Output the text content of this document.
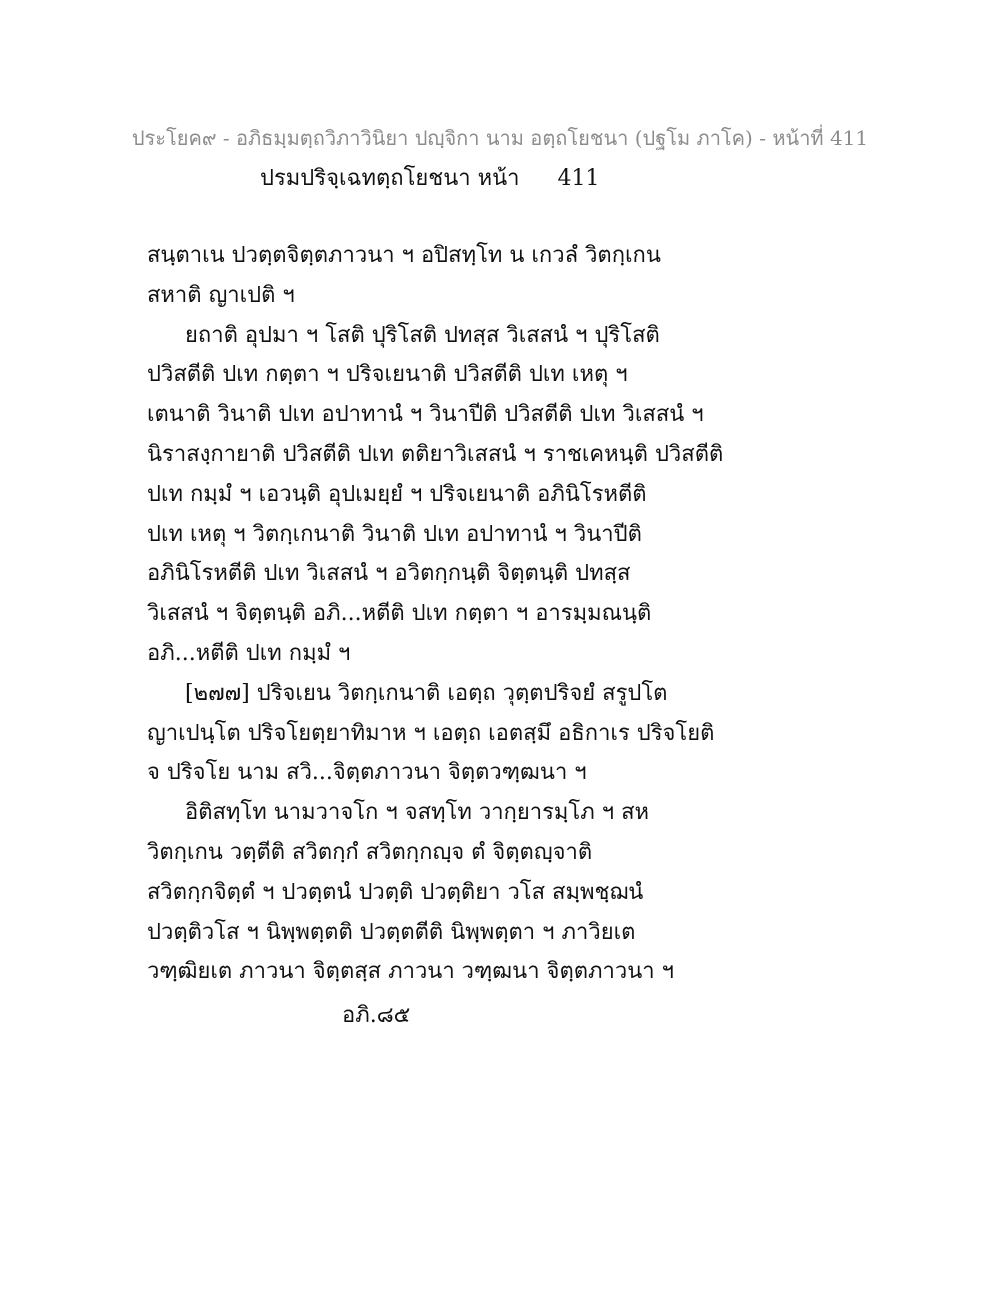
ประโยค๙ - อภิธมฺมตฺถวิภาวินิยา ปญฺจิกา นาม อตฺถโยชนา (ปฐโม ภาโค) - หน้าที่ 411
ปรมปริจฺเฉทตฺถโยชนา หน้า 411
สนฺตาเน ปวตฺตจิตฺตภาวนา ฯ อปิสทฺโท น เกวลํ วิตกฺเกน
สหาติ ญาเปติ ฯ
ยถาติ อุปมา ฯ โสติ ปุริโสติ ปทสฺส วิเสสนํ ฯ ปุริโสติ
ปวิสตีติ ปเท กตฺตา ฯ ปริจเยนาติ ปวิสตีติ ปเท เหตุ ฯ
เตนาติ วินาติ ปเท อปาทานํ ฯ วินาปีติ ปวิสตีติ ปเท วิเสสนํ ฯ
นิราสงฺกายาติ ปวิสตีติ ปเท ตติยาวิเสสนํ ฯ ราชเคหนฺติ ปวิสตีติ
ปเท กมฺมํ ฯ เอวนฺติ อุปเมยฺยํ ฯ ปริจเยนาติ อภินิโรหตีติ
ปเท เหตุ ฯ วิตกฺเกนาติ วินาติ ปเท อปาทานํ ฯ วินาปีติ
อภินิโรหตีติ ปเท วิเสสนํ ฯ อวิตกฺกนฺติ จิตฺตนฺติ ปทสฺส
วิเสสนํ ฯ จิตฺตนฺติ อภิ...หตีติ ปเท กตฺตา ฯ อารมฺมณนฺติ
อภิ...หตีติ ปเท กมฺมํ ฯ
[๒๗๗] ปริจเยน วิตกฺเกนาติ เอตฺถ วุตฺตปริจยํ สรูปโต
ญาเปนฺโต ปริจโยตฺยาทิมาห ฯ เอตฺถ เอตสฺมึ อธิกาเร ปริจโยติ
จ ปริจโย นาม สวิ...จิตฺตภาวนา จิตฺตวฑฺฒนา ฯ
อิติสทฺโท นามวาจโก ฯ จสทฺโท วากฺยารมฺโภ ฯ สห
วิตกฺเกน วตฺตีติ สวิตกฺกํ สวิตกฺกญฺจ ตํ จิตฺตญฺจาติ
สวิตกฺกจิตฺตํ ฯ ปวตฺตนํ ปวตฺติ ปวตฺติยา วโส สมฺพชฺฌนํ
ปวตฺติวโส ฯ นิพฺพตฺตติ ปวตฺตตีติ นิพฺพตฺตา ฯ ภาวิยเต
วฑฺฒิยเต ภาวนา จิตฺตสฺส ภาวนา วฑฺฒนา จิตฺตภาวนา ฯ
อภิ.๘๕
